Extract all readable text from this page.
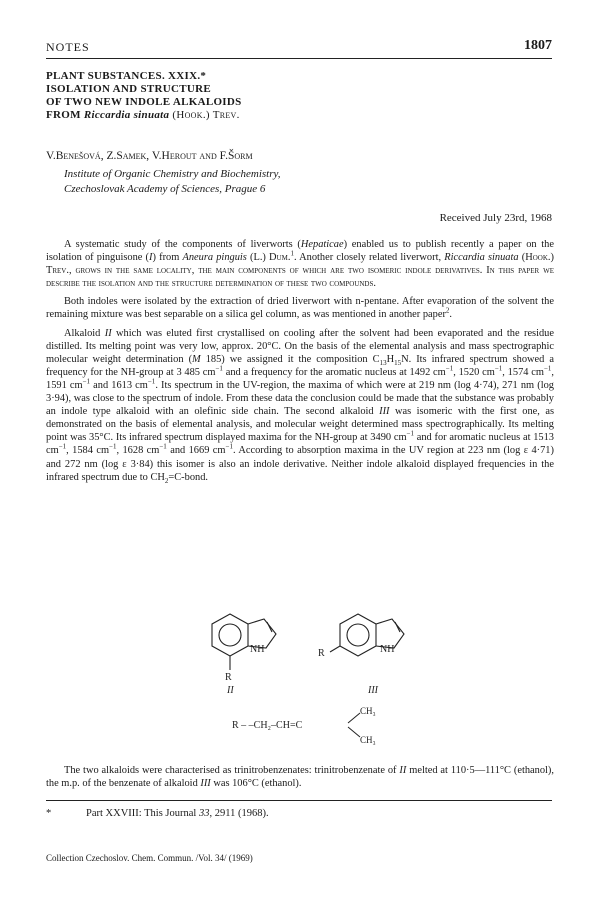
NOTES	1807
PLANT SUBSTANCES. XXIX.*
ISOLATION AND STRUCTURE
OF TWO NEW INDOLE ALKALOIDS
FROM Riccardia sinuata (Hook.) Trev.
V.Benešová, Z.Samek, V.Herout and F.Šorm
Institute of Organic Chemistry and Biochemistry,
Czechoslovak Academy of Sciences, Prague 6
Received July 23rd, 1968

A systematic study of the components of liverworts (Hepaticae) enabled us to publish recently a paper on the isolation of pinguisone (I) from Aneura pinguis (L.) Dum.$^1$. Another closely related liverwort, Riccardia sinuata (Hook.) Trev., grows in the same locality, the main components of which are two isomeric indole derivatives. In this paper we describe the isolation and the structure determination of these two compounds.

Both indoles were isolated by the extraction of dried liverwort with n-pentane. After evaporation of the solvent the remaining mixture was best separable on a silica gel column, as was mentioned in another paper$^2$.

Alkaloid II which was eluted first crystallised on cooling after the solvent had been evaporated and the residue distilled. Its melting point was very low, approx. 20°C. On the basis of the elemental analysis and mass spectrographic molecular weight determination (M 185) we assigned it the composition $C_{13}H_{15}N$. Its infrared spectrum showed a frequency for the NH-group at 3 485 $cm^{-1}$ and a frequency for the aromatic nucleus at 1492 $cm^{-1}$, 1520 $cm^{-1}$, 1574 $cm^{-1}$, 1591 $cm^{-1}$ and 1613 $cm^{-1}$. Its spectrum in the UV-region, the maxima of which were at 219 nm (log 4·74), 271 nm (log 3·94), was close to the spectrum of indole. From these data the conclusion could be made that the substance was probably an indole type alkaloid with an olefinic side chain. The second alkaloid III was isomeric with the first one, as demonstrated on the basis of elemental analysis, and molecular weight determined mass spectrographically. Its melting point was 35°C. Its infrared spectrum displayed maxima for the NH-group at 3490 $cm^{-1}$ and for aromatic nucleus at 1513 $cm^{-1}$, 1584 $cm^{-1}$, 1628 $cm^{-1}$ and 1669 $cm^{-1}$. According to absorption maxima in the UV region at 223 nm (log ε 4·71) and 272 nm (log ε 3·84) this isomer is also an indole derivative. Neither indole alkaloid displayed frequencies in the infrared spectrum due to $CH_2=C$-bond.

NH
R
II
R	NH
III
R – –CH₂–CH=C
CH₃
CH₃

The two alkaloids were characterised as trinitrobenzenates: trinitrobenzenate of II melted at 110·5—111°C (ethanol), the m.p. of the benzenate of alkaloid III was 106°C (ethanol).

*	Part XXVIII: This Journal 33, 2911 (1968).
Collection Czechoslov. Chem. Commun. /Vol. 34/ (1969)
